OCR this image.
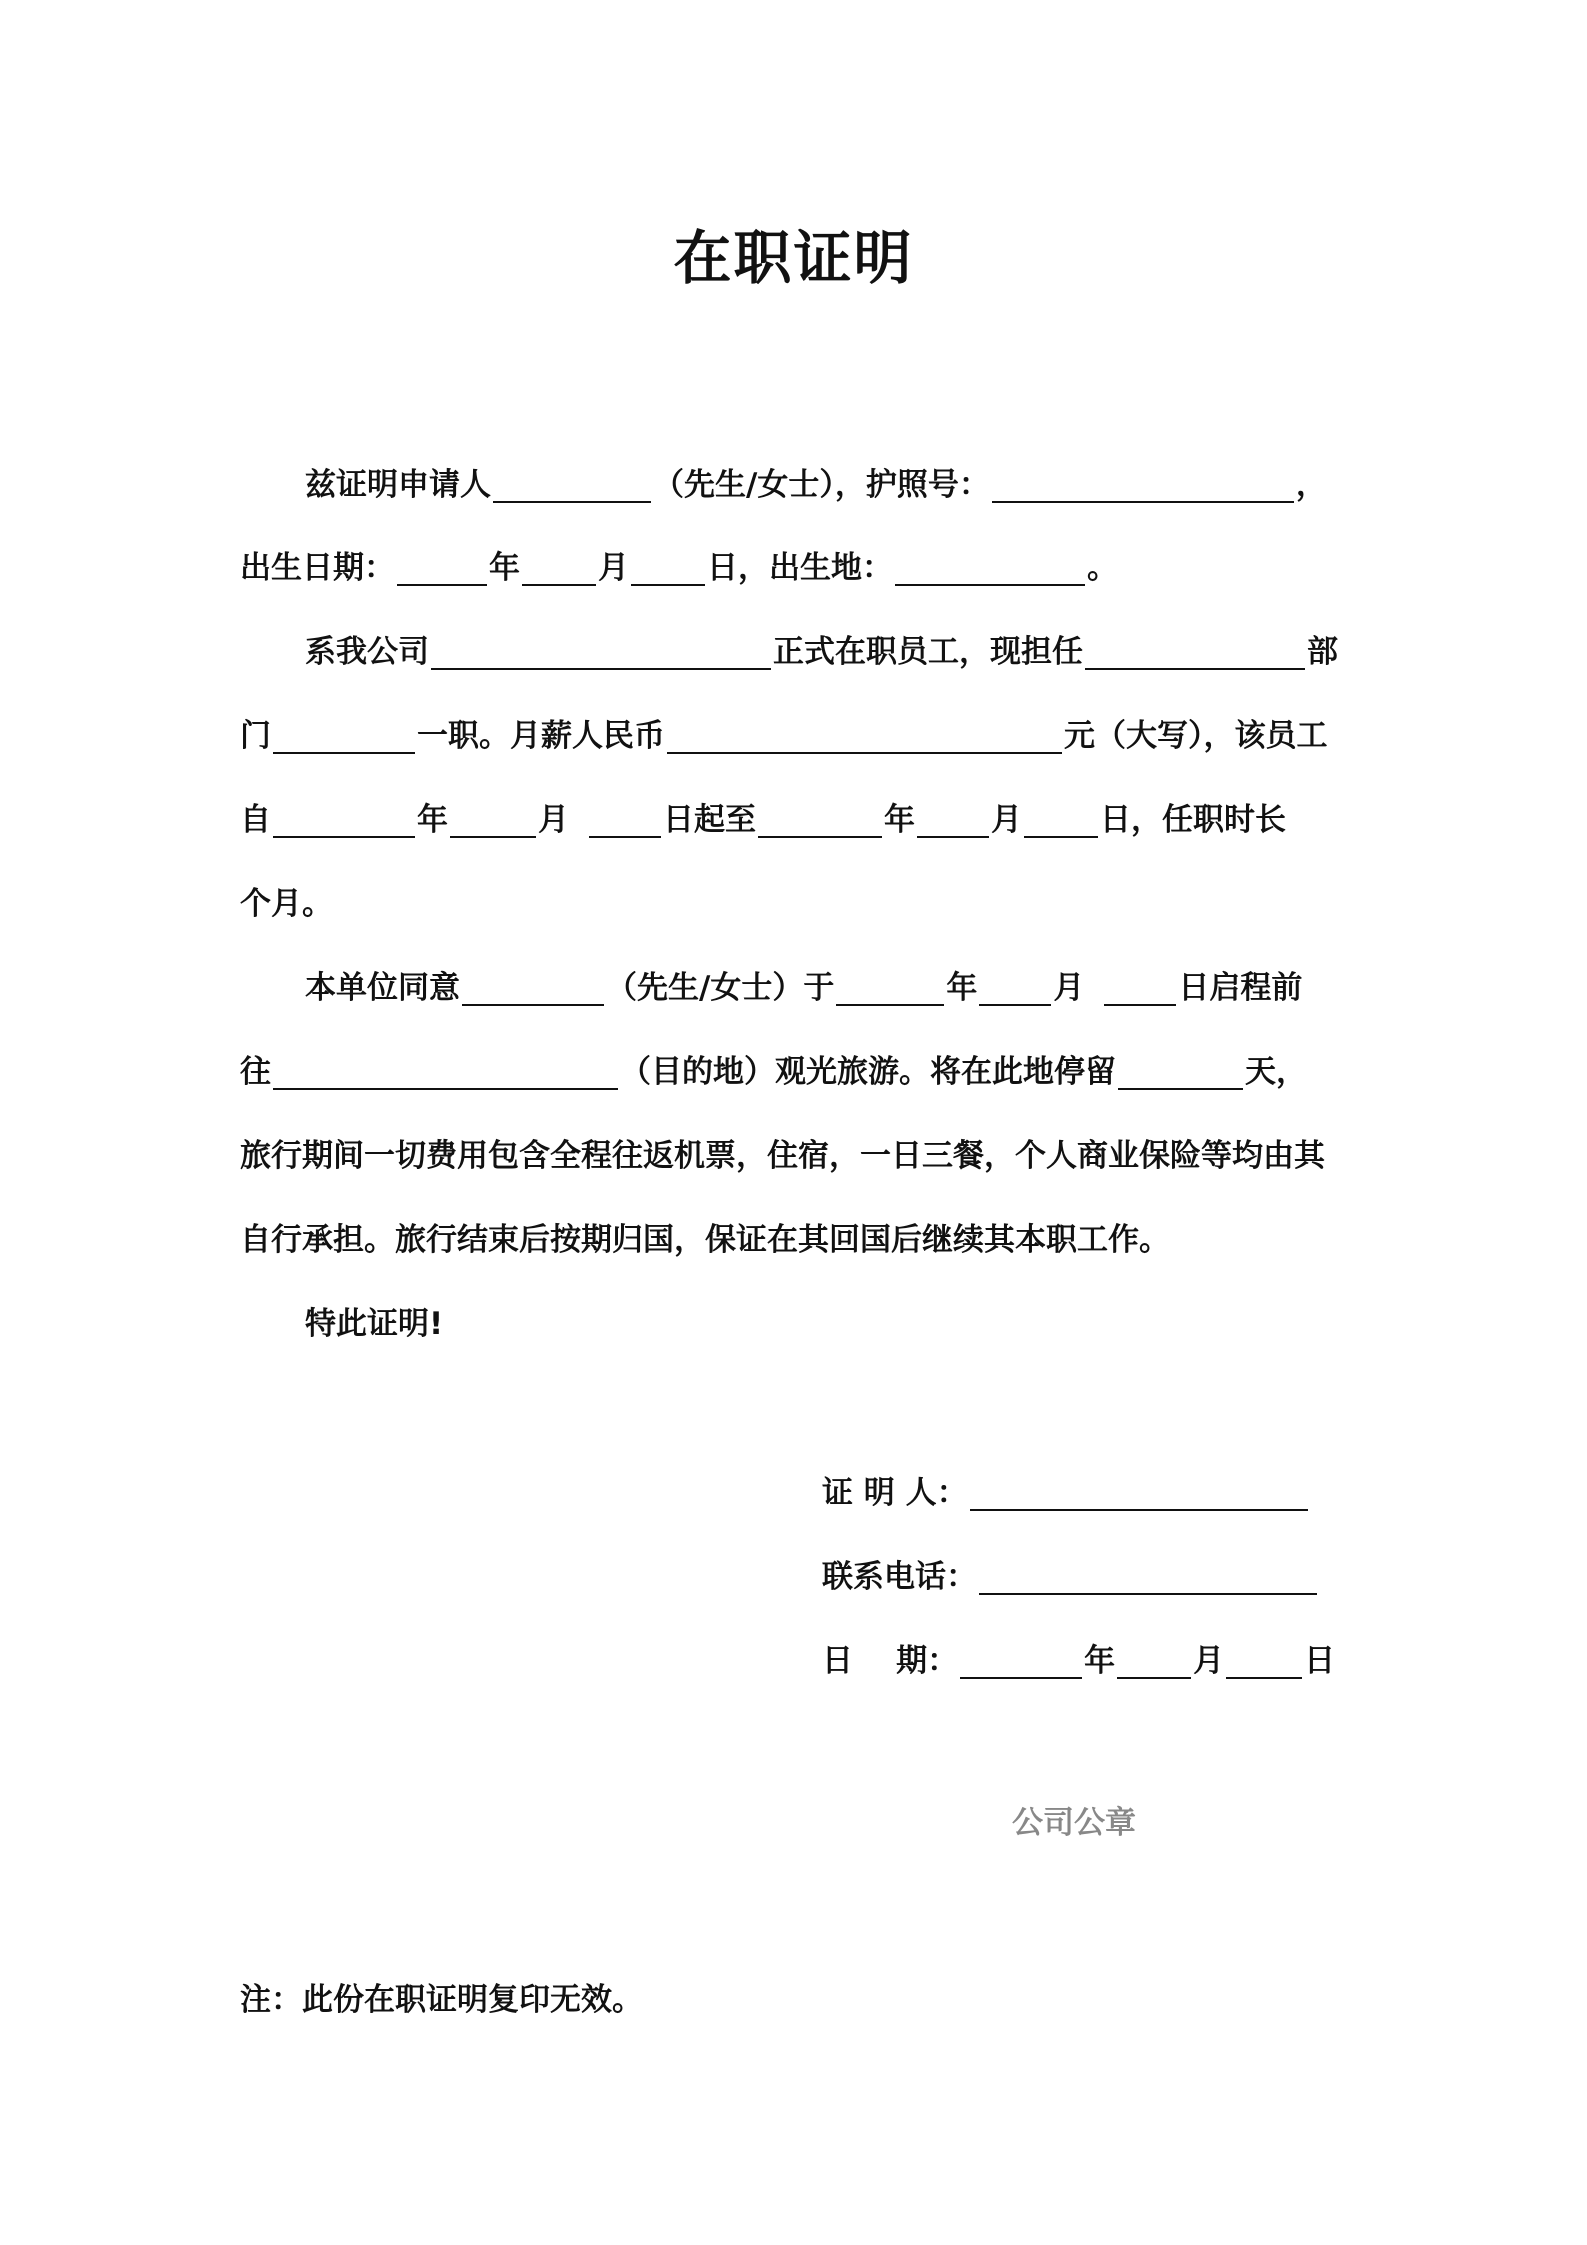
在职证明
兹证明申请人	（先生/女士），护照号：	，
出生日期：	年	月	日，出生地：	。
系我公司	正式在职员工，现担任	部
门	一职。月薪人民币	元（大写），该员工
自	年	月	日起至	年 月	日，任职时长
个月。
本单位同意	（先生/女士）于	年 月	日启程前
往	（目的地）观光旅游。将在此地停留	天，
旅行期间一切费用包含全程往返机票，住宿，一日三餐，个人商业保险等均由其
自行承担。旅行结束后按期归国，保证在其回国后继续其本职工作。
特此证明!
证 明 人：
联系电话：
日    期：	年	月	日
公司公章
注：此份在职证明复印无效。
